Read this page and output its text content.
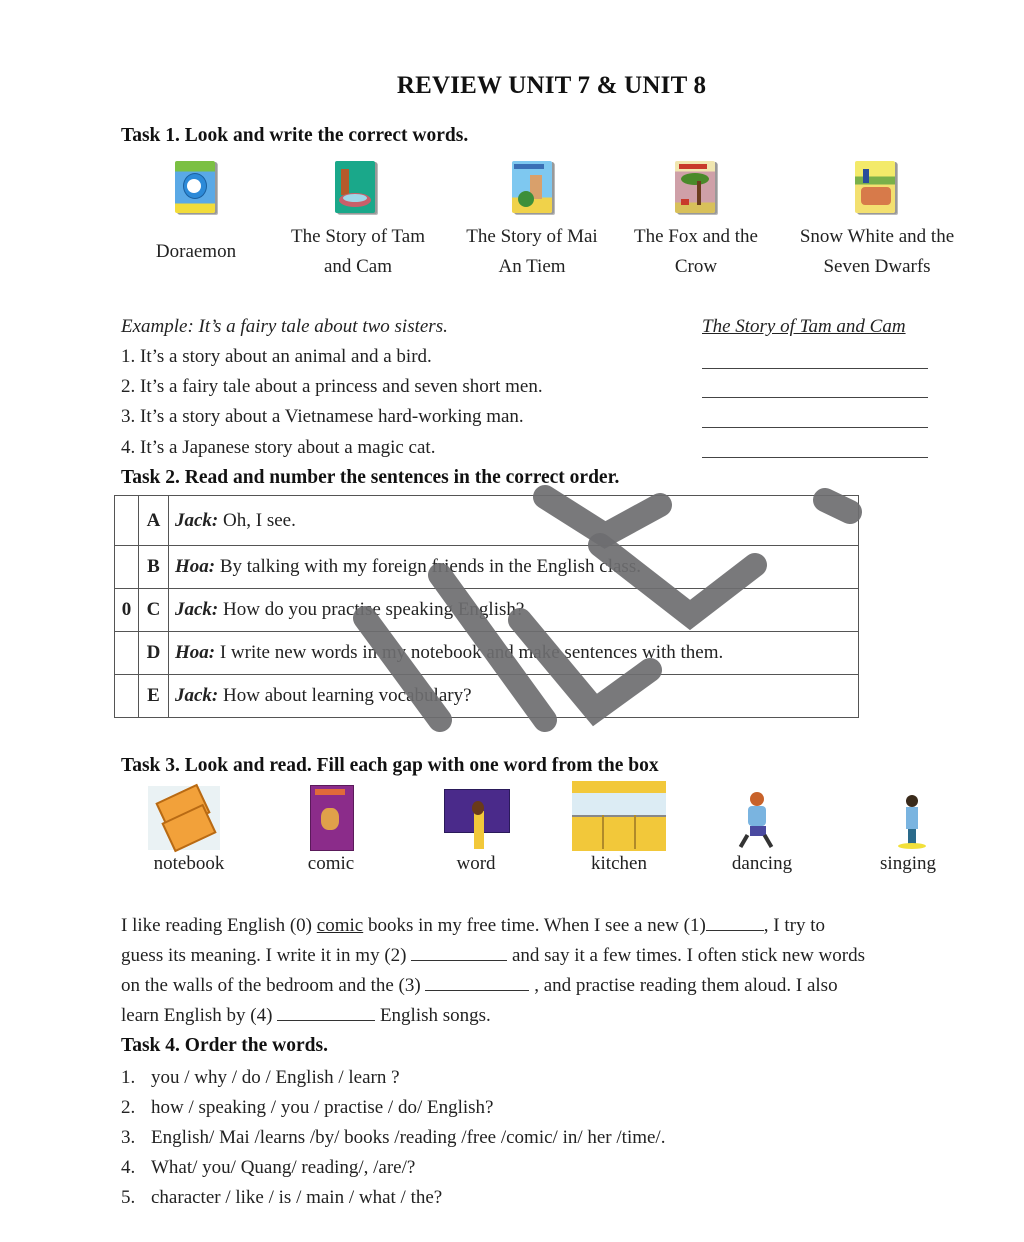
REVIEW UNIT 7 & UNIT 8
Task 1. Look and write the correct words.
Doraemon
The Story of Tam
and Cam
The Story of Mai
An Tiem
The Fox and the
Crow
Snow White and the
Seven Dwarfs
Example: It’s a fairy tale about two sisters.	The Story of Tam and Cam
1. It’s a story about an animal and a bird.
2. It’s a fairy tale about a princess and seven short men.
3. It’s a story about a Vietnamese hard-working man.
4. It’s a Japanese story about a magic cat.
Task 2. Read and number the sentences in the correct order.
	A	Jack: Oh, I see.
	B	Hoa: By talking with my foreign friends in the English class.
0	C	Jack: How do you practise speaking English?
	D	Hoa: I write new words in my notebook and make sentences with them.
	E	Jack: How about learning vocabulary?
Task 3. Look and read. Fill each gap with one word from the box
notebook	comic	word	kitchen	dancing	singing
I like reading English (0) comic books in my free time. When I see a new (1)	, I try to
guess its meaning. I write it in my (2)	and say it a few times. I often stick new words
on the walls of the bedroom and the (3)	, and practise reading them aloud. I also
learn English by (4)	English songs.
Task 4. Order the words.
1. you / why / do / English / learn ?
2. how / speaking / you / practise / do/ English?
3. English/ Mai /learns /by/ books /reading /free /comic/ in/ her /time/.
4. What/ you/ Quang/ reading/, /are/?
5. character / like / is / main / what / the?
